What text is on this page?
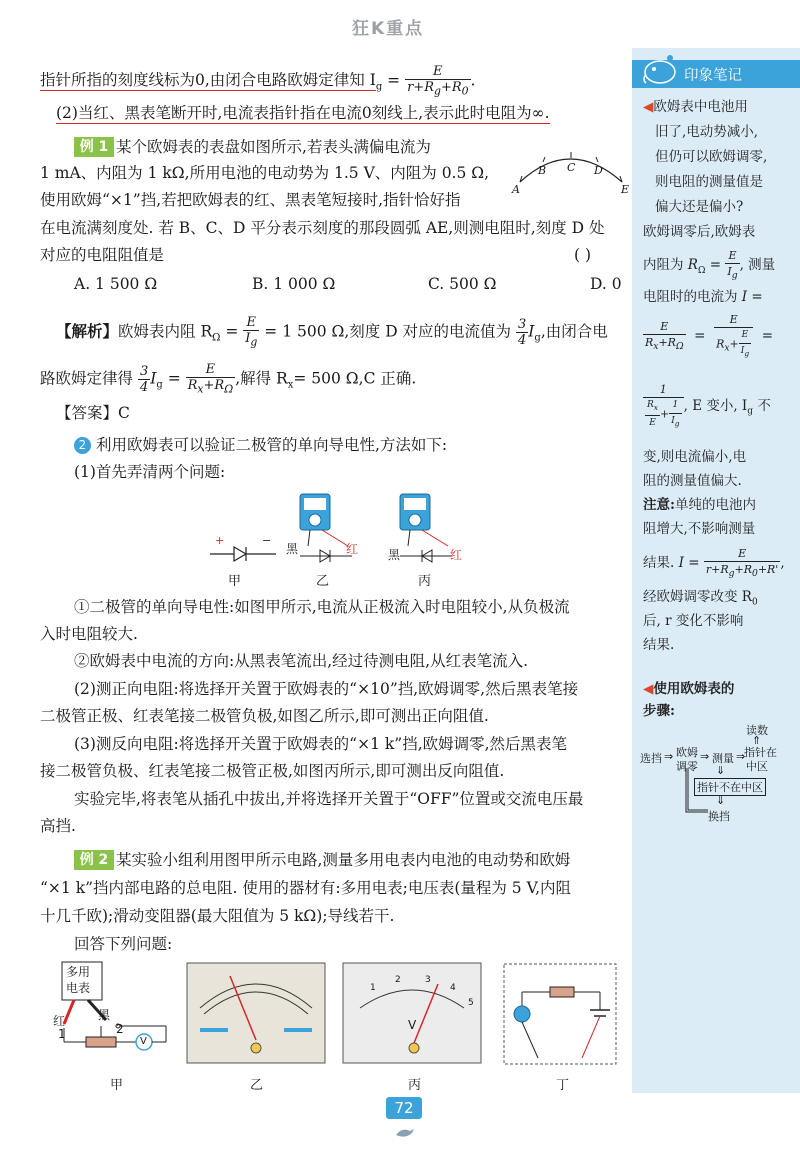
狂K重点
印象笔记
指针所指的刻度线标为0,由闭合电路欧姆定律知 $I_g = \frac{E}{r+R_g+R_0}$ .
(2)当红、黑表笔断开时,电流表指针指在电流0刻线上,表示此时电阻为∞.
例 1 某个欧姆表的表盘如图所示,若表头满偏电流为
1 mA、内阻为 1 kΩ,所用电池的电动势为 1.5 V、内阻为 0.5 Ω,
使用欧姆“×1”挡,若把欧姆表的红、黑表笔短接时,指针恰好指
在电流满刻度处. 若 B、C、D 平分表示刻度的那段圆弧 AE,则测电阻时,刻度 D 处
对应的电阻阻值是	( )
A
B C D
E
A. 1 500 Ω	B. 1 000 Ω	C. 500 Ω	D. 0
【解析】欧姆表内阻 $R_\Omega = \frac{E}{I_g} = 1$ 500 Ω,刻度 D 对应的电流值为 $\frac{3}{4} I_g$,由闭合电
路欧姆定律得 $\frac{3}{4} I_g = \frac{E}{R_x+R_\Omega}$ ,解得 $R_x= 500$ Ω,C 正确.
【答案】C
2 利用欧姆表可以验证二极管的单向导电性,方法如下:
(1)首先弄清两个问题:
+	−
甲
黑	红
乙
黑	红
丙
①二极管的单向导电性:如图甲所示,电流从正极流入时电阻较小,从负极流
入时电阻较大.
②欧姆表中电流的方向:从黑表笔流出,经过待测电阻,从红表笔流入.
(2)测正向电阻:将选择开关置于欧姆表的“×10”挡,欧姆调零,然后黑表笔接
二极管正极、红表笔接二极管负极,如图乙所示,即可测出正向阻值.
(3)测反向电阻:将选择开关置于欧姆表的“×1 k”挡,欧姆调零,然后黑表笔
接二极管负极、红表笔接二极管正极,如图丙所示,即可测出反向阻值.
实验完毕,将表笔从插孔中拔出,并将选择开关置于“OFF”位置或交流电压最
高挡.
例 2 某实验小组利用图甲所示电路,测量多用电表内电池的电动势和欧姆
“×1 k”挡内部电路的总电阻. 使用的器材有:多用电表;电压表(量程为 5 V,内阻
十几千欧);滑动变阻器(最大阻值为 5 kΩ);导线若干.
回答下列问题:
多用
电表
红	黑
1	2
V
甲	乙
1
2	3
4
5
V
丙	丁
◀欧姆表中电池用
旧了,电动势减小,
但仍可以欧姆调零,
则电阻的测量值是
偏大还是偏小?
欧姆调零后,欧姆表
内阻为 $R_\Omega = \frac{E}{I_g}$ , 测量
电阻时的电流为 I =
$\frac{E}{R_x+R_\Omega} = \frac{E}{R_x+ \frac{E}{I_g}}$ =
$\frac{1}{\frac{R_x}{E} + \frac{1}{I_g}}$ , E 变小, $I_g$ 不
变,则电流偏小,电
阻的测量值偏大.
注意:单纯的电池内
阻增大,不影响测量
结果. $I = \frac{E}{r+R_g+R_0+R'}$ ,
经欧姆调零改变 $R_0$
后, r 变化不影响
结果.
◀使用欧姆表的
步骤:
选挡 ⇒ 欧姆
调零
⇒ 测量 ⇒
读数
⇑
指针在
中区
⇓
指针不在中区
⇓
换挡
72
